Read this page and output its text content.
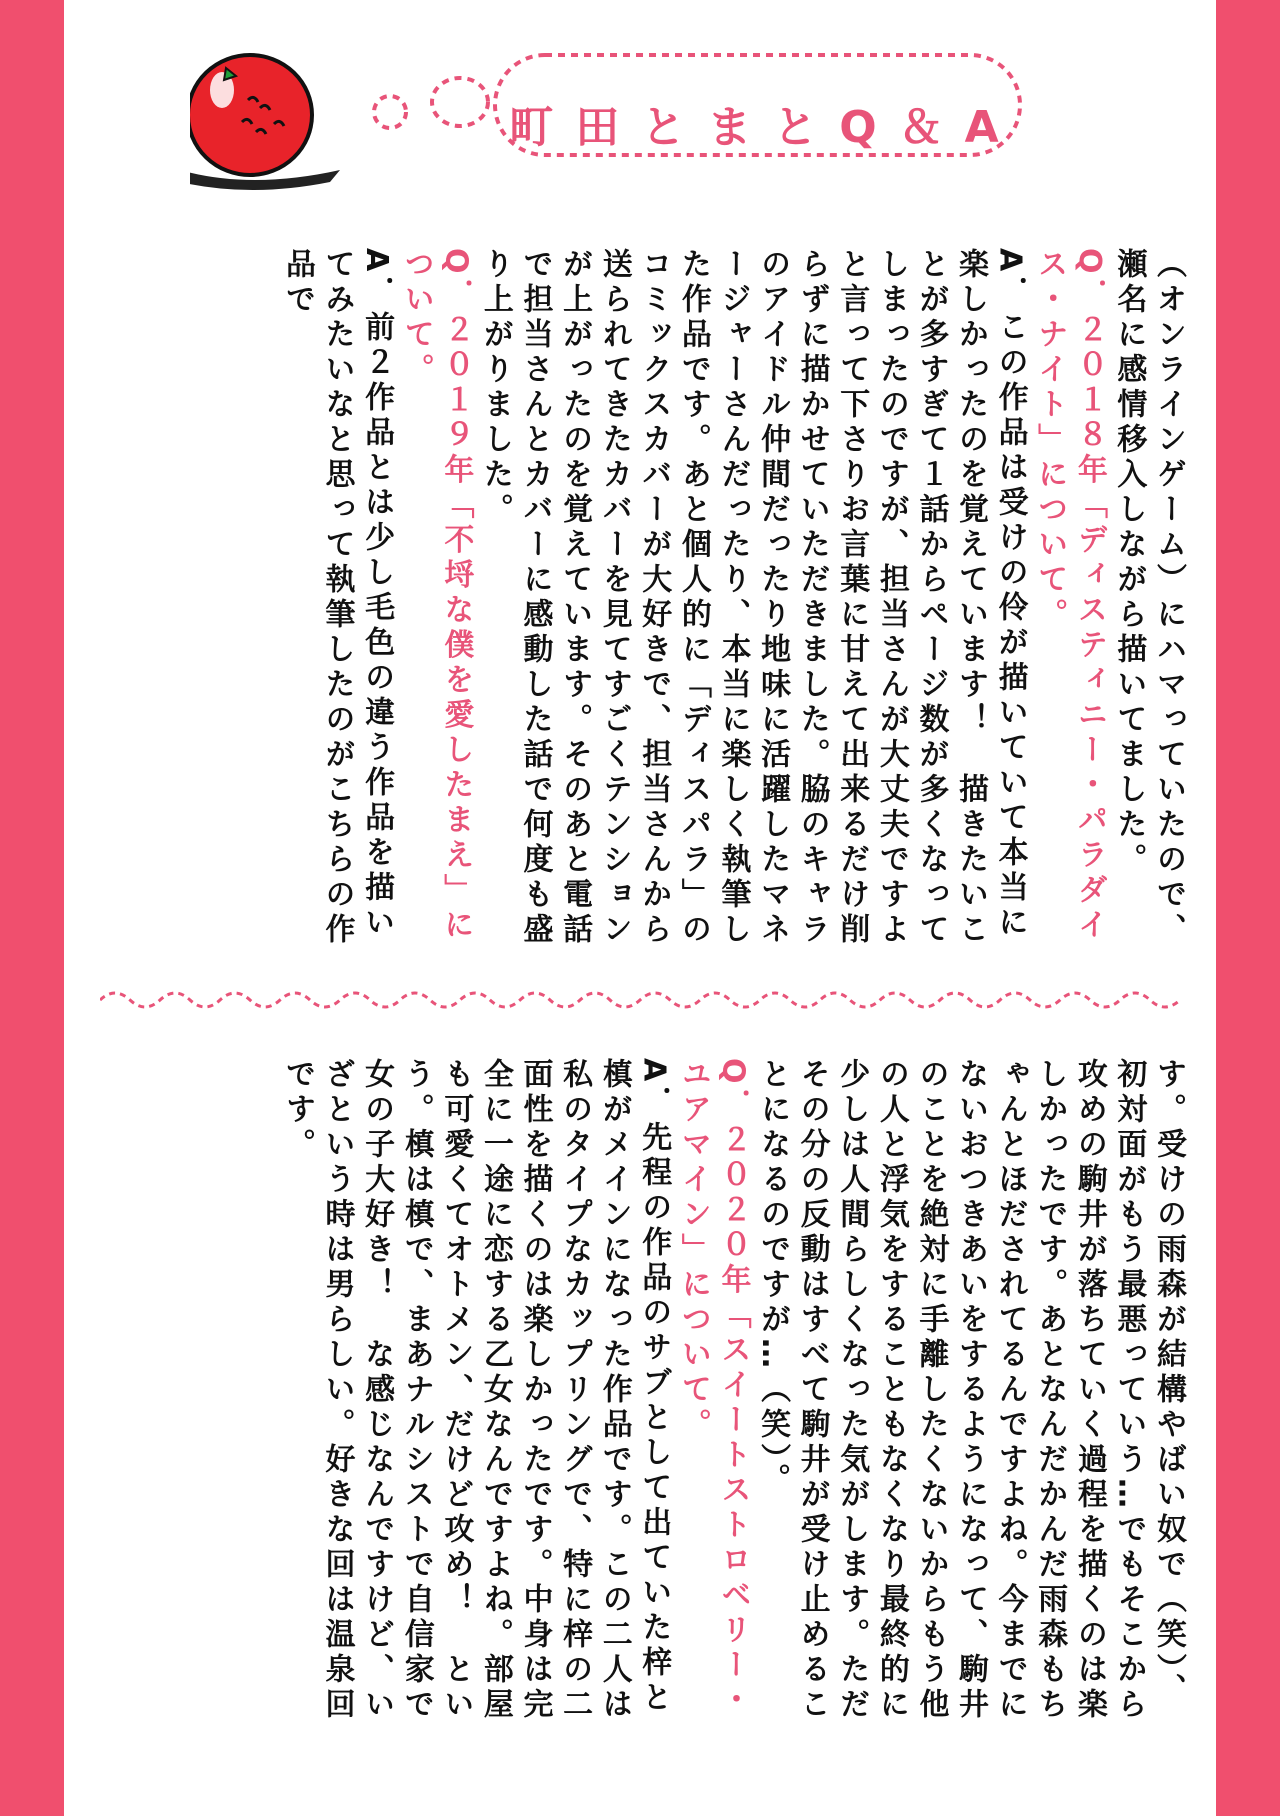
町田とまとQ＆A

（オンラインゲーム）にハマっていたので、瀬名に感情移入しながら描いてました。

Q．２０１８年「ディスティニー・パラダイス・ナイト」について。

A．この作品は受けの伶が描いていて本当に楽しかったのを覚えています！　描きたいことが多すぎて１話からページ数が多くなってしまったのですが、担当さんが大丈夫ですよと言って下さりお言葉に甘えて出来るだけ削らずに描かせていただきました。脇のキャラのアイドル仲間だったり地味に活躍したマネージャーさんだったり、本当に楽しく執筆した作品です。あと個人的に「ディスパラ」のコミックスカバーが大好きで、担当さんから送られてきたカバーを見てすごくテンションが上がったのを覚えています。そのあと電話で担当さんとカバーに感動した話で何度も盛り上がりました。

Q．２０１９年「不埒な僕を愛したまえ」について。

A．前２作品とは少し毛色の違う作品を描いてみたいなと思って執筆したのがこちらの作品で

す。受けの雨森が結構やばい奴で（笑）、初対面がもう最悪っていう…でもそこから攻めの駒井が落ちていく過程を描くのは楽しかったです。あとなんだかんだ雨森もちゃんとほだされてるんですよね。今までにないおつきあいをするようになって、駒井のことを絶対に手離したくないからもう他の人と浮気をすることもなくなり最終的に少しは人間らしくなった気がします。ただその分の反動はすべて駒井が受け止めることになるのですが…（笑）。

Q．２０２０年「スイートストロベリー・ユアマイン」について。

A．先程の作品のサブとして出ていた梓と槙がメインになった作品です。この二人は私のタイプなカップリングで、特に梓の二面性を描くのは楽しかったです。中身は完全に一途に恋する乙女なんですよね。部屋も可愛くてオトメン、だけど攻め！　という。槙は槙で、まあナルシストで自信家で女の子大好き！　な感じなんですけど、いざという時は男らしい。好きな回は温泉回です。
